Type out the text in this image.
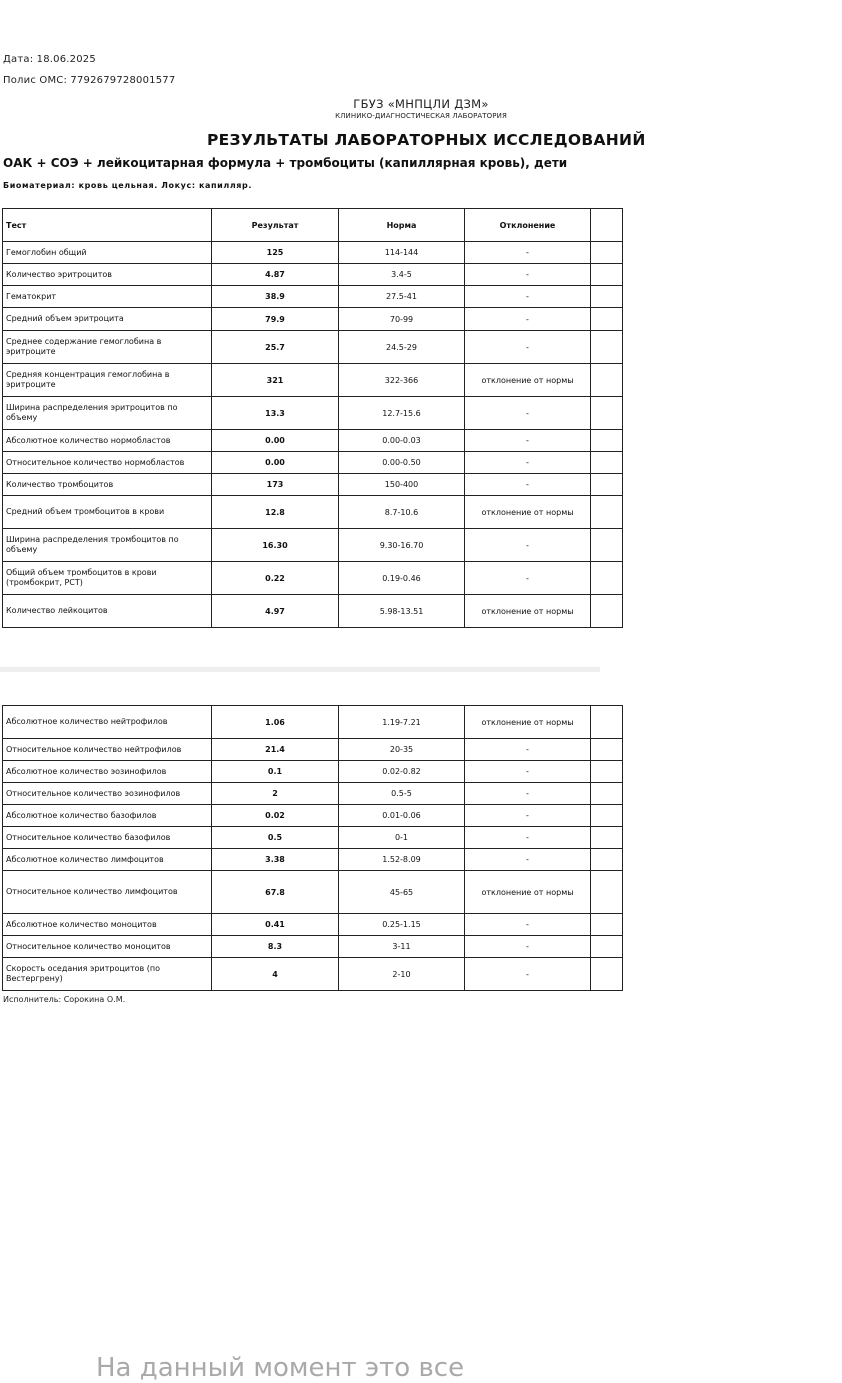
Дата: 18.06.2025
Полис ОМС: 7792679728001577
ГБУЗ «МНПЦЛИ ДЗМ»
КЛИНИКО-ДИАГНОСТИЧЕСКАЯ ЛАБОРАТОРИЯ
РЕЗУЛЬТАТЫ ЛАБОРАТОРНЫХ ИССЛЕДОВАНИЙ
ОАК + СОЭ + лейкоцитарная формула + тромбоциты (капиллярная кровь), дети
Биоматериал: кровь цельная. Локус: капилляр.
Тест	Результат	Норма	Отклонение	
Гемоглобин общий	125	114-144	-	
Количество эритроцитов	4.87	3.4-5	-	
Гематокрит	38.9	27.5-41	-	
Средний объем эритроцита	79.9	70-99	-	
Среднее содержание гемоглобина в эритроците	25.7	24.5-29	-	
Средняя концентрация гемоглобина в эритроците	321	322-366	отклонение от нормы	
Ширина распределения эритроцитов по объему	13.3	12.7-15.6	-	
Абсолютное количество нормобластов	0.00	0.00-0.03	-	
Относительное количество нормобластов	0.00	0.00-0.50	-	
Количество тромбоцитов	173	150-400	-	
Средний объем тромбоцитов в крови	12.8	8.7-10.6	отклонение от нормы	
Ширина распределения тромбоцитов по объему	16.30	9.30-16.70	-	
Общий объем тромбоцитов в крови (тромбокрит, PCT)	0.22	0.19-0.46	-	
Количество лейкоцитов	4.97	5.98-13.51	отклонение от нормы	
Абсолютное количество нейтрофилов	1.06	1.19-7.21	отклонение от нормы	
Относительное количество нейтрофилов	21.4	20-35	-	
Абсолютное количество эозинофилов	0.1	0.02-0.82	-	
Относительное количество эозинофилов	2	0.5-5	-	
Абсолютное количество базофилов	0.02	0.01-0.06	-	
Относительное количество базофилов	0.5	0-1	-	
Абсолютное количество лимфоцитов	3.38	1.52-8.09	-	
Относительное количество лимфоцитов	67.8	45-65	отклонение от нормы	
Абсолютное количество моноцитов	0.41	0.25-1.15	-	
Относительное количество моноцитов	8.3	3-11	-	
Скорость оседания эритроцитов (по Вестергрену)	4	2-10	-	
Исполнитель: Сорокина О.М.
На данный момент это все
